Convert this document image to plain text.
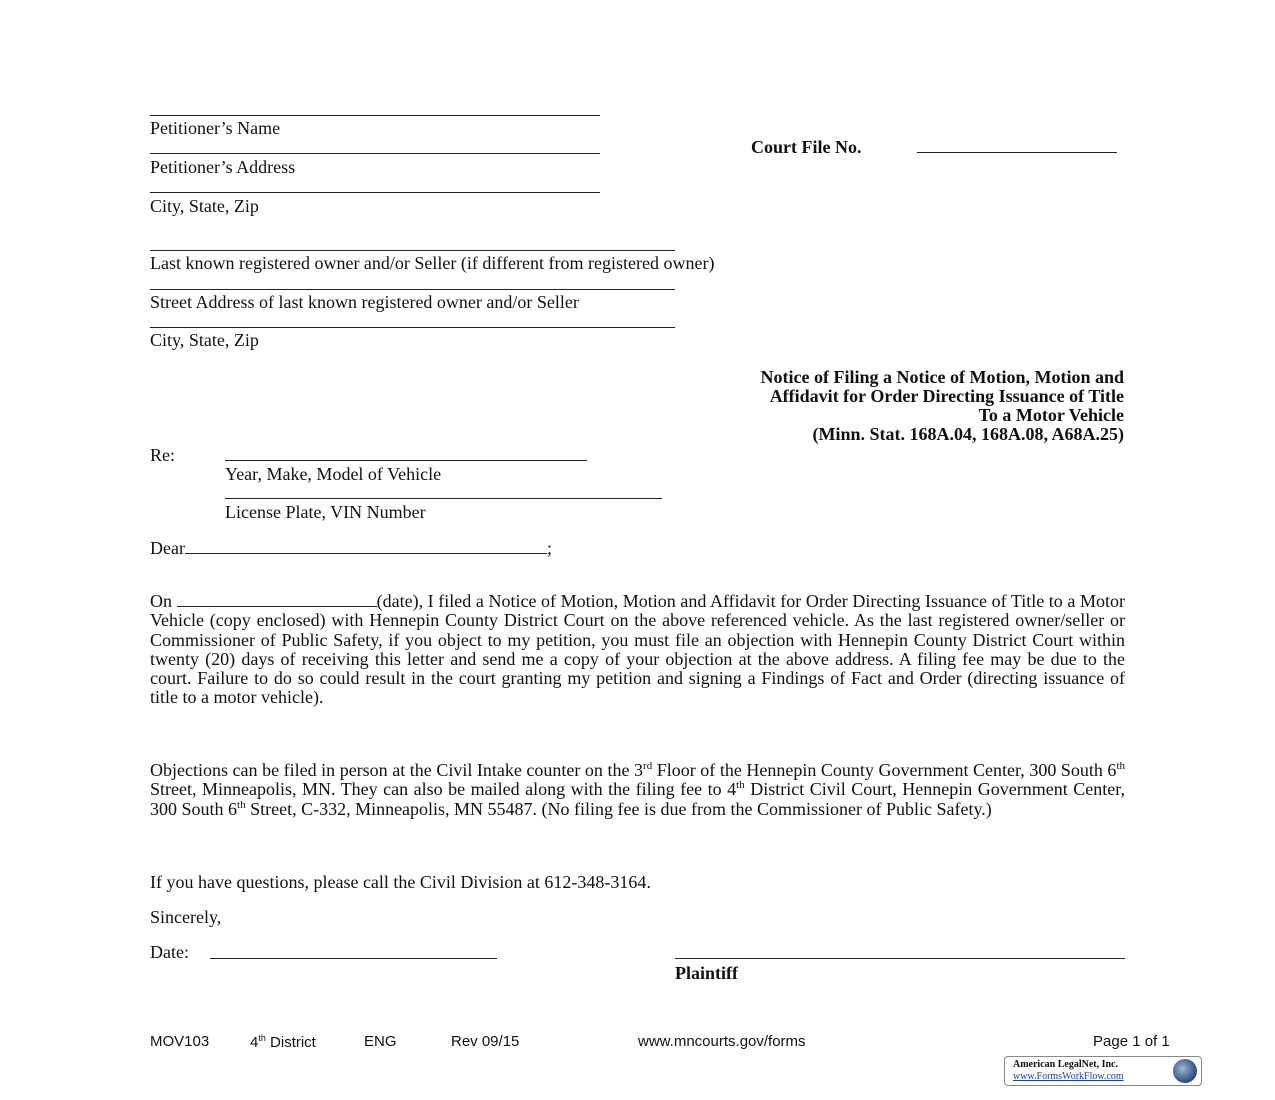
Petitioner’s Name
Petitioner’s Address
City, State, Zip
Court File No.
Last known registered owner and/or Seller (if different from registered owner)
Street Address of last known registered owner and/or Seller
City, State, Zip
Notice of Filing a Notice of Motion, Motion and
Affidavit for Order Directing Issuance of Title
To a Motor Vehicle
(Minn. Stat. 168A.04, 168A.08, A68A.25)
Re:
Year, Make, Model of Vehicle
License Plate, VIN Number
Dear	;
On	(date), I filed a Notice of Motion, Motion and Affidavit for Order Directing Issuance of Title to a Motor Vehicle (copy enclosed) with Hennepin County District Court on the above referenced vehicle. As the last registered owner/seller or Commissioner of Public Safety, if you object to my petition, you must file an objection with Hennepin County District Court within twenty (20) days of receiving this letter and send me a copy of your objection at the above address. A filing fee may be due to the court. Failure to do so could result in the court granting my petition and signing a Findings of Fact and Order (directing issuance of title to a motor vehicle).
Objections can be filed in person at the Civil Intake counter on the 3rd Floor of the Hennepin County Government Center, 300 South 6th Street, Minneapolis, MN. They can also be mailed along with the filing fee to 4th District Civil Court, Hennepin Government Center, 300 South 6th Street, C-332, Minneapolis, MN 55487. (No filing fee is due from the Commissioner of Public Safety.)
If you have questions, please call the Civil Division at 612-348-3164.
Sincerely,
Date:
Plaintiff
MOV103	4th District	ENG	Rev 09/15	www.mncourts.gov/forms	Page 1 of 1
American LegalNet, Inc.
www.FormsWorkFlow.com
